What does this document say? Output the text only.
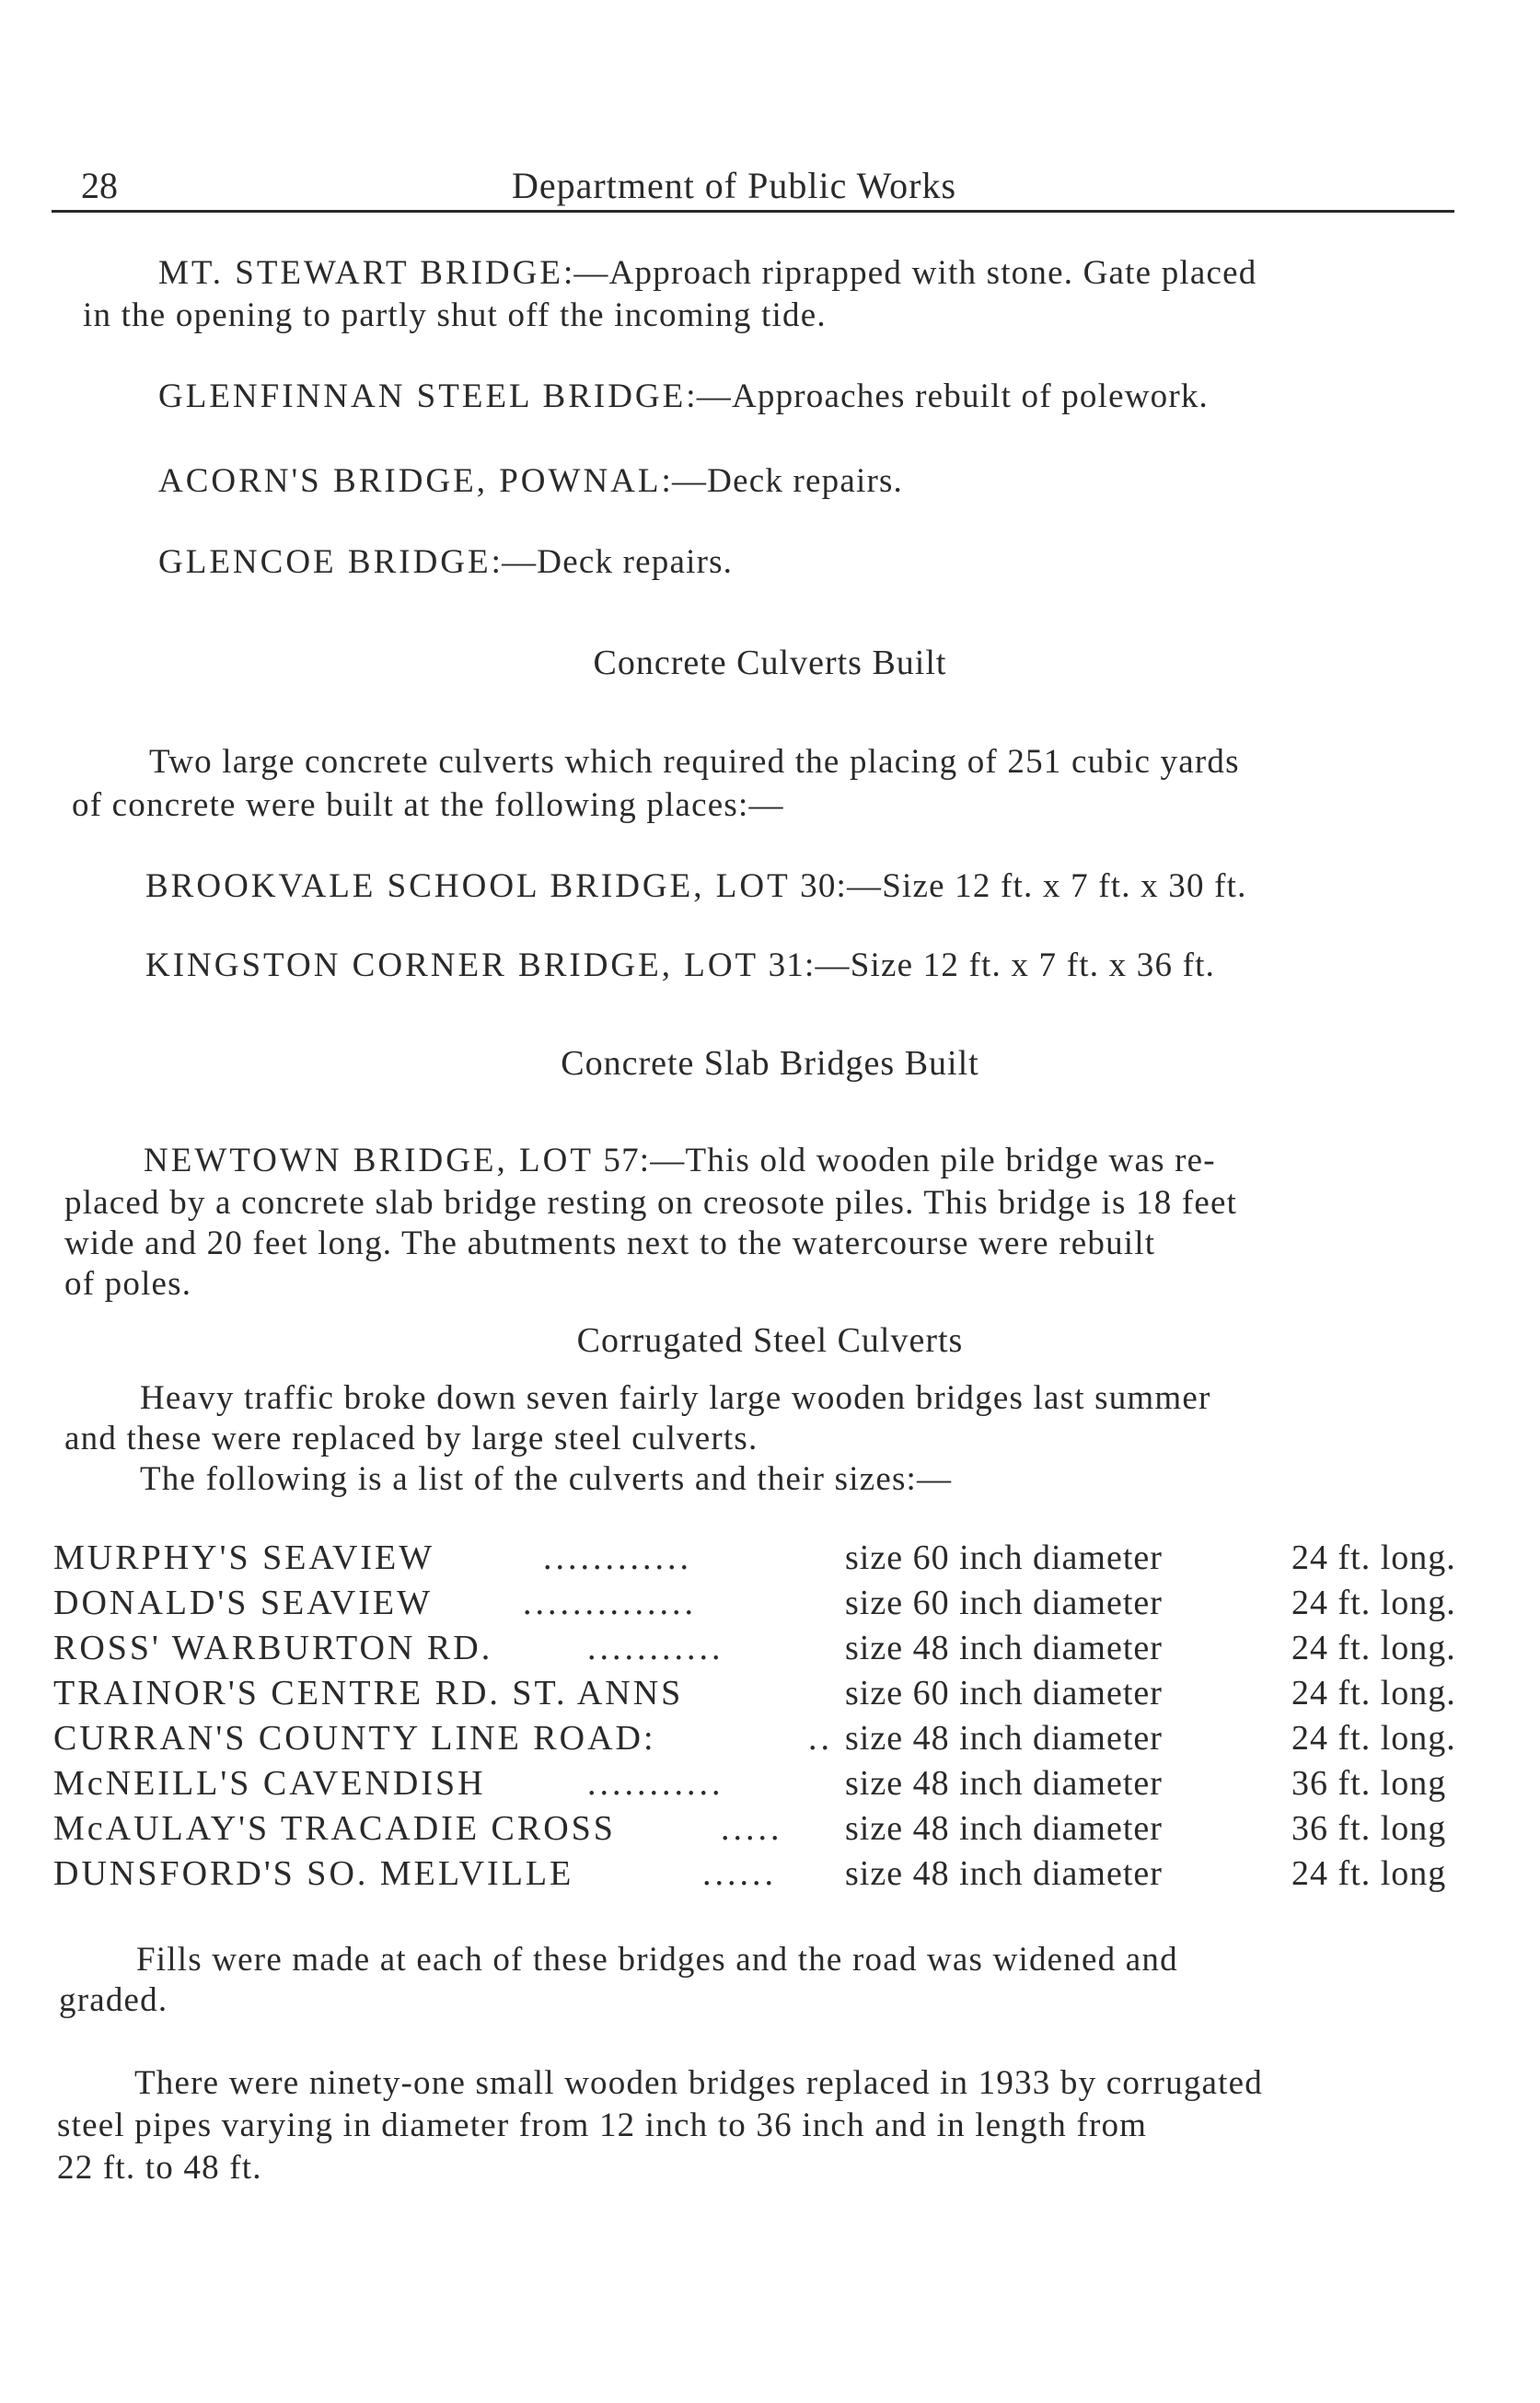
28	Department of Public Works
MT. STEWART BRIDGE:—Approach riprapped with stone. Gate placed
in the opening to partly shut off the incoming tide.
GLENFINNAN STEEL BRIDGE:—Approaches rebuilt of polework.
ACORN'S BRIDGE, POWNAL:—Deck repairs.
GLENCOE BRIDGE:—Deck repairs.
Concrete Culverts Built
Two large concrete culverts which required the placing of 251 cubic yards
of concrete were built at the following places:—
BROOKVALE SCHOOL BRIDGE, LOT 30:—Size 12 ft. x 7 ft. x 30 ft.
KINGSTON CORNER BRIDGE, LOT 31:—Size 12 ft. x 7 ft. x 36 ft.
Concrete Slab Bridges Built
NEWTOWN BRIDGE, LOT 57:—This old wooden pile bridge was re-
placed by a concrete slab bridge resting on creosote piles. This bridge is 18 feet
wide and 20 feet long. The abutments next to the watercourse were rebuilt
of poles.
Corrugated Steel Culverts
Heavy traffic broke down seven fairly large wooden bridges last summer
and these were replaced by large steel culverts.
The following is a list of the culverts and their sizes:—
MURPHY'S SEAVIEW	............	size 60 inch diameter	24 ft. long.
DONALD'S SEAVIEW	..............	size 60 inch diameter	24 ft. long.
ROSS' WARBURTON RD.	...........	size 48 inch diameter	24 ft. long.
TRAINOR'S CENTRE RD. ST. ANNS	size 60 inch diameter	24 ft. long.
CURRAN'S COUNTY LINE ROAD:	.. size 48 inch diameter	24 ft. long.
McNEILL'S CAVENDISH	...........	size 48 inch diameter	36 ft. long
McAULAY'S TRACADIE CROSS	..... size 48 inch diameter	36 ft. long
DUNSFORD'S SO. MELVILLE	...... size 48 inch diameter	24 ft. long
Fills were made at each of these bridges and the road was widened and
graded.
There were ninety-one small wooden bridges replaced in 1933 by corrugated
steel pipes varying in diameter from 12 inch to 36 inch and in length from
22 ft. to 48 ft.
